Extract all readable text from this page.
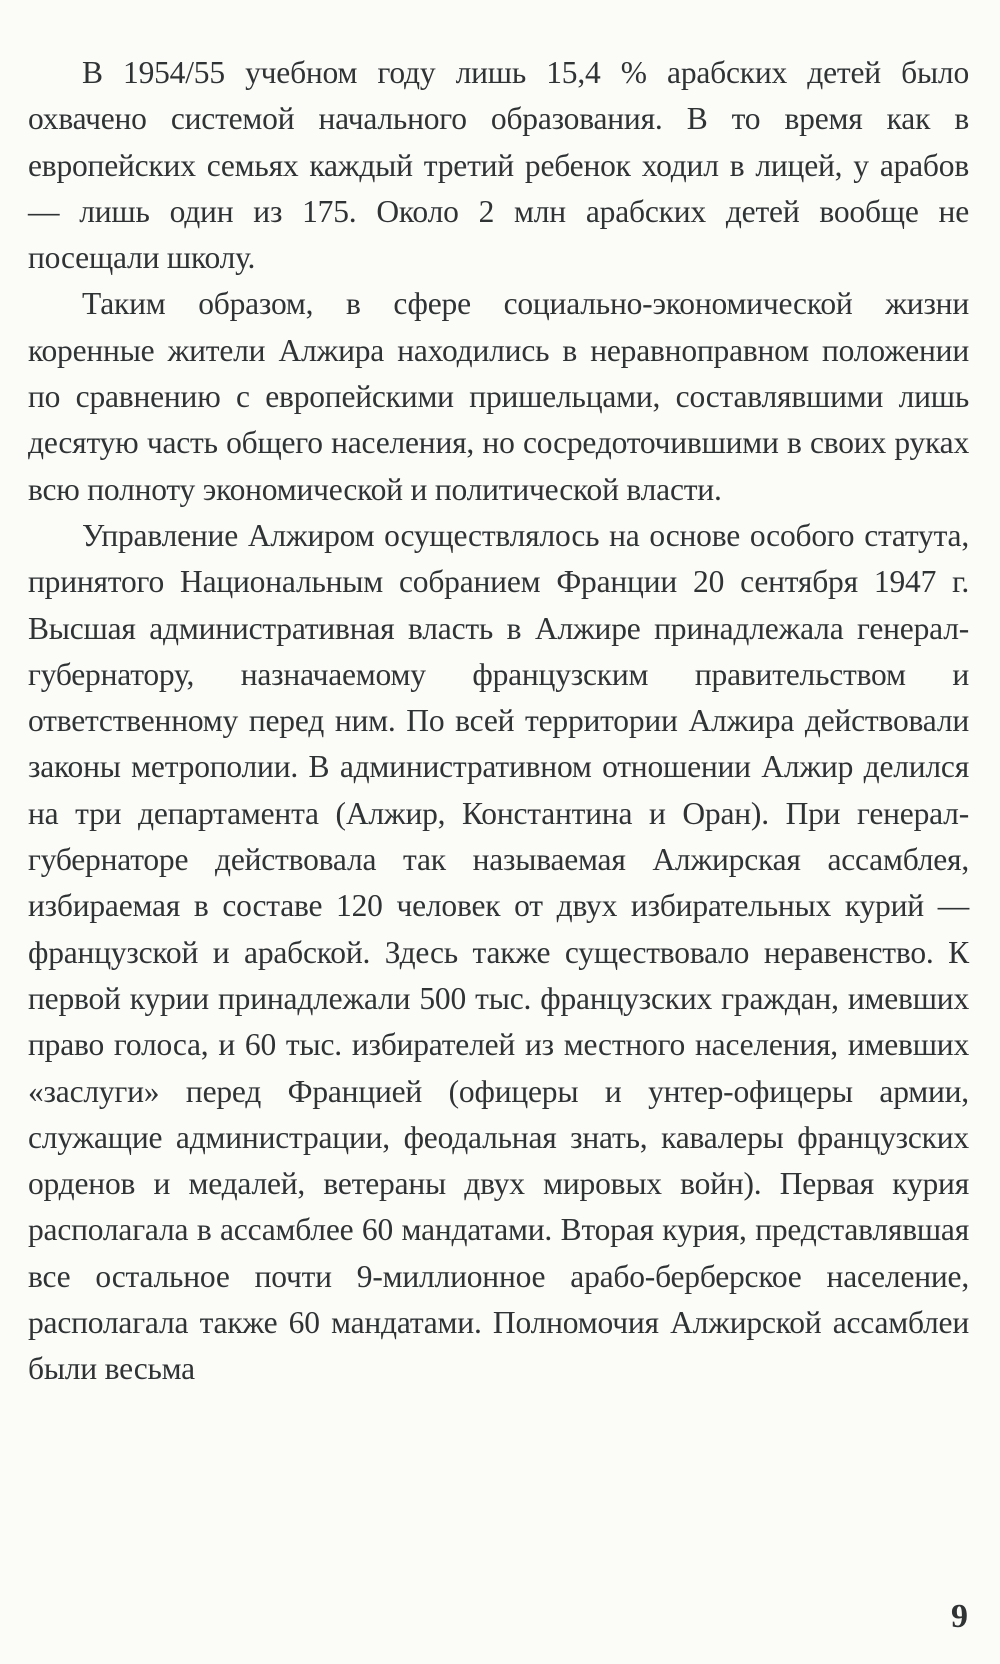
В 1954/55 учебном году лишь 15,4 % арабских детей было охвачено системой начального образования. В то время как в европейских семьях каждый третий ребенок ходил в лицей, у арабов — лишь один из 175. Около 2 млн арабских детей вообще не посещали школу.

Таким образом, в сфере социально-экономической жизни коренные жители Алжира находились в неравноправном положении по сравнению с европейскими пришельцами, составлявшими лишь десятую часть общего населения, но сосредоточившими в своих руках всю полноту экономической и политической власти.

Управление Алжиром осуществлялось на основе особого статута, принятого Национальным собранием Франции 20 сентября 1947 г. Высшая административная власть в Алжире принадлежала генерал-губернатору, назначаемому французским правительством и ответственному перед ним. По всей территории Алжира действовали законы метрополии. В административном отношении Алжир делился на три департамента (Алжир, Константина и Оран). При генерал-губернаторе действовала так называемая Алжирская ассамблея, избираемая в составе 120 человек от двух избирательных курий — французской и арабской. Здесь также существовало неравенство. К первой курии принадлежали 500 тыс. французских граждан, имевших право голоса, и 60 тыс. избирателей из местного населения, имевших «заслуги» перед Францией (офицеры и унтер-офицеры армии, служащие администрации, феодальная знать, кавалеры французских орденов и медалей, ветераны двух мировых войн). Первая курия располагала в ассамблее 60 мандатами. Вторая курия, представлявшая все остальное почти 9-миллионное арабо-берберское население, располагала также 60 мандатами. Полномочия Алжирской ассамблеи были весьма

9
